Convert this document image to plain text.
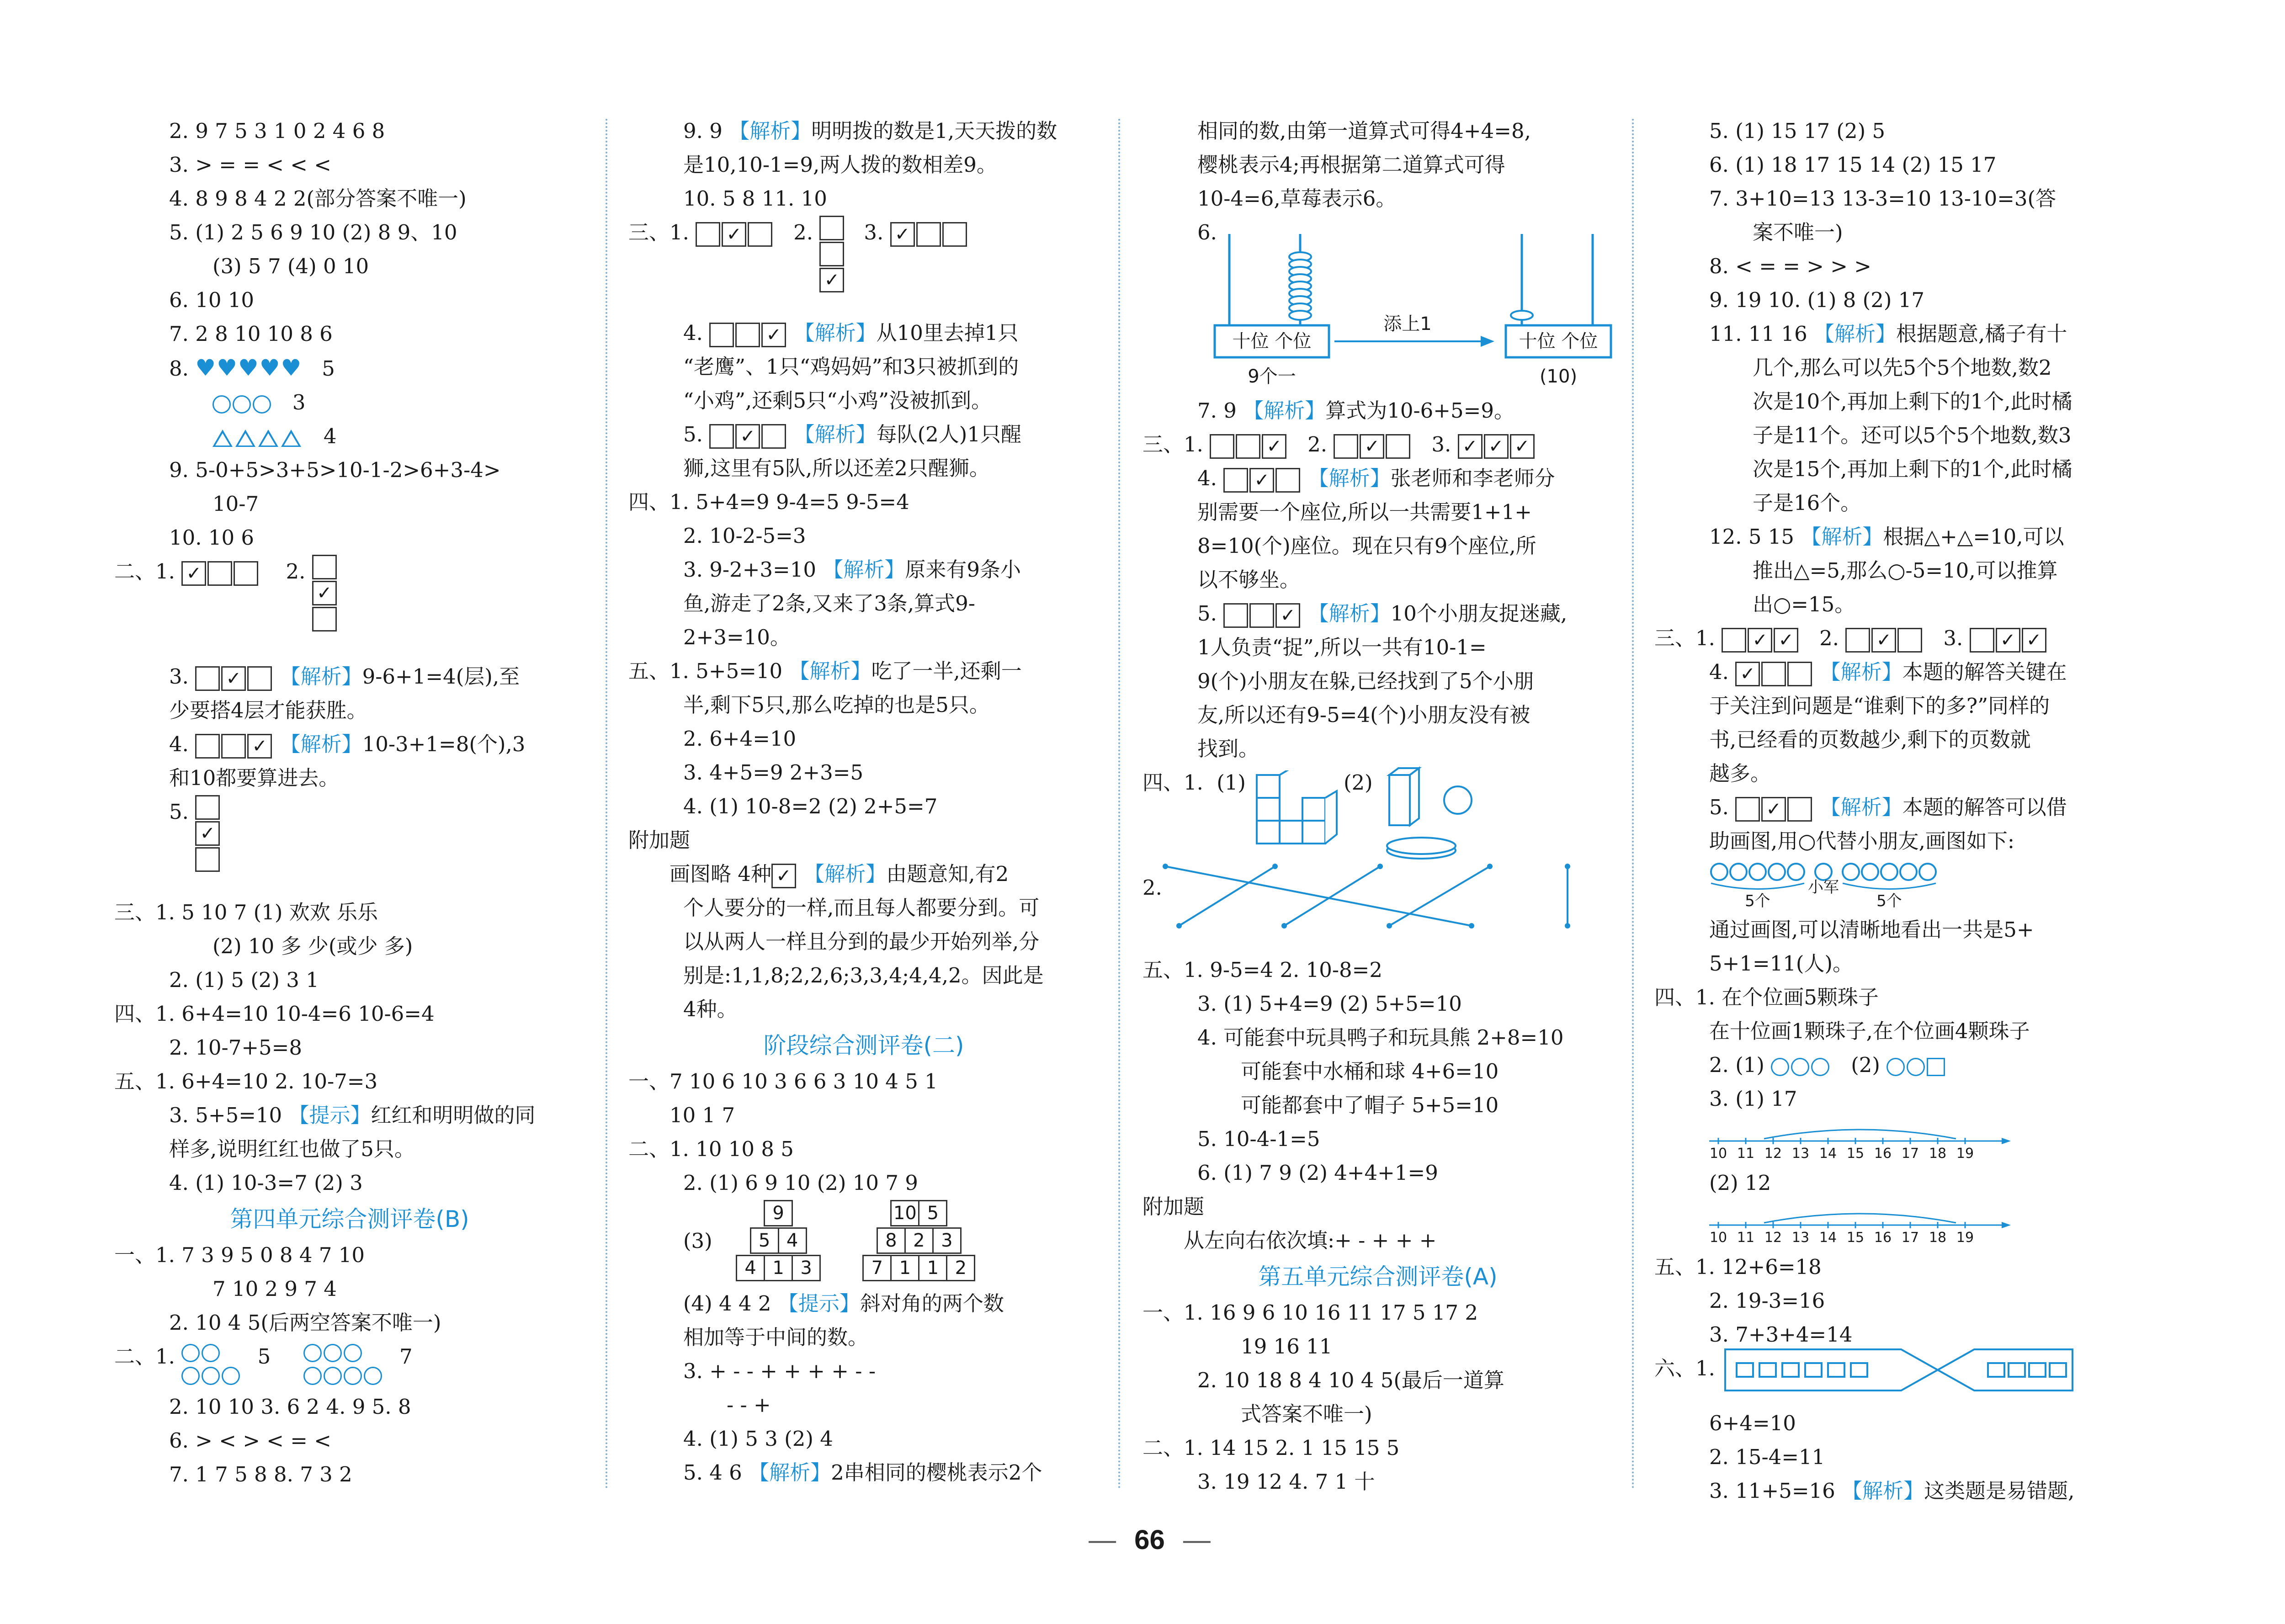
2. 9 7 5 3 1 0 2 4 6 8
3. > = = < < <
4. 8 9 8 4 2 2(部分答案不唯一)
5. (1) 2 5 6 9 10 (2) 8 9、10
(3) 5 7 (4) 0 10
6. 10 10
7. 2 8 10 10 8 6
8. ♥♥♥♥♥ 5
3
4
9. 5-0+5>3+5>10-1-2>6+3-4>
10-7
10. 10 6
二、1. ✓	2.
✓
3. ✓ 【解析】9-6+1=4(层),至
少要搭4层才能获胜。
4.	✓ 【解析】10-3+1=8(个),3
和10都要算进去。
5.
✓
三、1. 5 10 7 (1) 欢欢 乐乐
(2) 10 多 少(或少 多)
2. (1) 5 (2) 3 1
四、1. 6+4=10 10-4=6 10-6=4
2. 10-7+5=8
五、1. 6+4=10 2. 10-7=3
3. 5+5=10 【提示】红红和明明做的同
样多,说明红红也做了5只。
4. (1) 10-3=7 (2) 3
第四单元综合测评卷(B)
一、1. 7 3 9 5 0 8 4 7 10
7 10 2 9 7 4
2. 10 4 5(后两空答案不唯一)
二、1.	5	7
2. 10 10 3. 6 2 4. 9 5. 8
6. > < > < = <
7. 1 7 5 8 8. 7 3 2
9. 9 【解析】明明拨的数是1,天天拨的数
是10,10-1=9,两人拨的数相差9。
10. 5 8 11. 10
三、1. ✓	2.
✓
3. ✓
4.	✓ 【解析】从10里去掉1只
“老鹰”、1只“鸡妈妈”和3只被抓到的
“小鸡”,还剩5只“小鸡”没被抓到。
5. ✓ 【解析】每队(2人)1只醒
狮,这里有5队,所以还差2只醒狮。
四、1. 5+4=9 9-4=5 9-5=4
2. 10-2-5=3
3. 9-2+3=10 【解析】原来有9条小
鱼,游走了2条,又来了3条,算式9-
2+3=10。
五、1. 5+5=10 【解析】吃了一半,还剩一
半,剩下5只,那么吃掉的也是5只。
2. 6+4=10
3. 4+5=9 2+3=5
4. (1) 10-8=2 (2) 2+5=7
附加题
画图略 4种 ✓ 【解析】由题意知,有2
个人要分的一样,而且每人都要分到。可
以从两人一样且分到的最少开始列举,分
别是:1,1,8;2,2,6;3,3,4;4,4,2。因此是
4种。
阶段综合测评卷(二)
一、7 10 6 10 3 6 6 3 10 4 5 1
10 1 7
二、1. 10 10 8 5
2. (1) 6 9 10 (2) 10 7 9
(3)
9
5 4
4 1 3

10 5
8 2 3
7 1 1 2
(4) 4 4 2 【提示】斜对角的两个数
相加等于中间的数。
3. + - - + + + + - -
- - +
4. (1) 5 3 (2) 4
5. 4 6 【解析】2串相同的樱桃表示2个
相同的数,由第一道算式可得4+4=8,
樱桃表示4;再根据第二道算式可得
10-4=6,草莓表示6。
6.
十位 个位
添上1
十位 个位
9个一	(10)
7. 9 【解析】算式为10-6+5=9。
三、1.	✓ 2. ✓	3. ✓ ✓ ✓
4. ✓ 【解析】张老师和李老师分
别需要一个座位,所以一共需要1+1+
8=10(个)座位。现在只有9个座位,所
以不够坐。
5.	✓ 【解析】10个小朋友捉迷藏,
1人负责“捉”,所以一共有10-1=
9(个)小朋友在躲,已经找到了5个小朋
友,所以还有9-5=4(个)小朋友没有被
找到。
四、1. (1)	(2)
2.
五、1. 9-5=4 2. 10-8=2
3. (1) 5+4=9 (2) 5+5=10
4. 可能套中玩具鸭子和玩具熊 2+8=10
可能套中水桶和球 4+6=10
可能都套中了帽子 5+5=10
5. 10-4-1=5
6. (1) 7 9 (2) 4+4+1=9
附加题
从左向右依次填:+ - + + +
第五单元综合测评卷(A)
一、1. 16 9 6 10 16 11 17 5 17 2
19 16 11
2. 10 18 8 4 10 4 5(最后一道算
式答案不唯一)
二、1. 14 15 2. 1 15 15 5
3. 19 12 4. 7 1 十
5. (1) 15 17 (2) 5
6. (1) 18 17 15 14 (2) 15 17
7. 3+10=13 13-3=10 13-10=3(答
案不唯一)
8. < = = > > >
9. 19 10. (1) 8 (2) 17
11. 11 16 【解析】根据题意,橘子有十
几个,那么可以先5个5个地数,数2
次是10个,再加上剩下的1个,此时橘
子是11个。还可以5个5个地数,数3
次是15个,再加上剩下的1个,此时橘
子是16个。
12. 5 15 【解析】根据△+△=10,可以
推出△=5,那么○-5=10,可以推算
出○=15。
三、1. ✓ ✓ 2. ✓	3. ✓ ✓
4. ✓	【解析】本题的解答关键在
于关注到问题是“谁剩下的多?”同样的
书,已经看的页数越少,剩下的页数就
越多。
5. ✓ 【解析】本题的解答可以借
助画图,用○代替小朋友,画图如下:
小军
5个	5个
通过画图,可以清晰地看出一共是5+
5+1=11(人)。
四、1. 在个位画5颗珠子
在十位画1颗珠子,在个位画4颗珠子
2. (1)	(2)
3. (1) 17
10 11 12 13 14 15 16 17 18 19
(2) 12
10 11 12 13 14 15 16 17 18 19
五、1. 12+6=18
2. 19-3=16
3. 7+3+4=14
六、1.
6+4=10
2. 15-4=11
3. 11+5=16 【解析】这类题是易错题,
— 66 —
